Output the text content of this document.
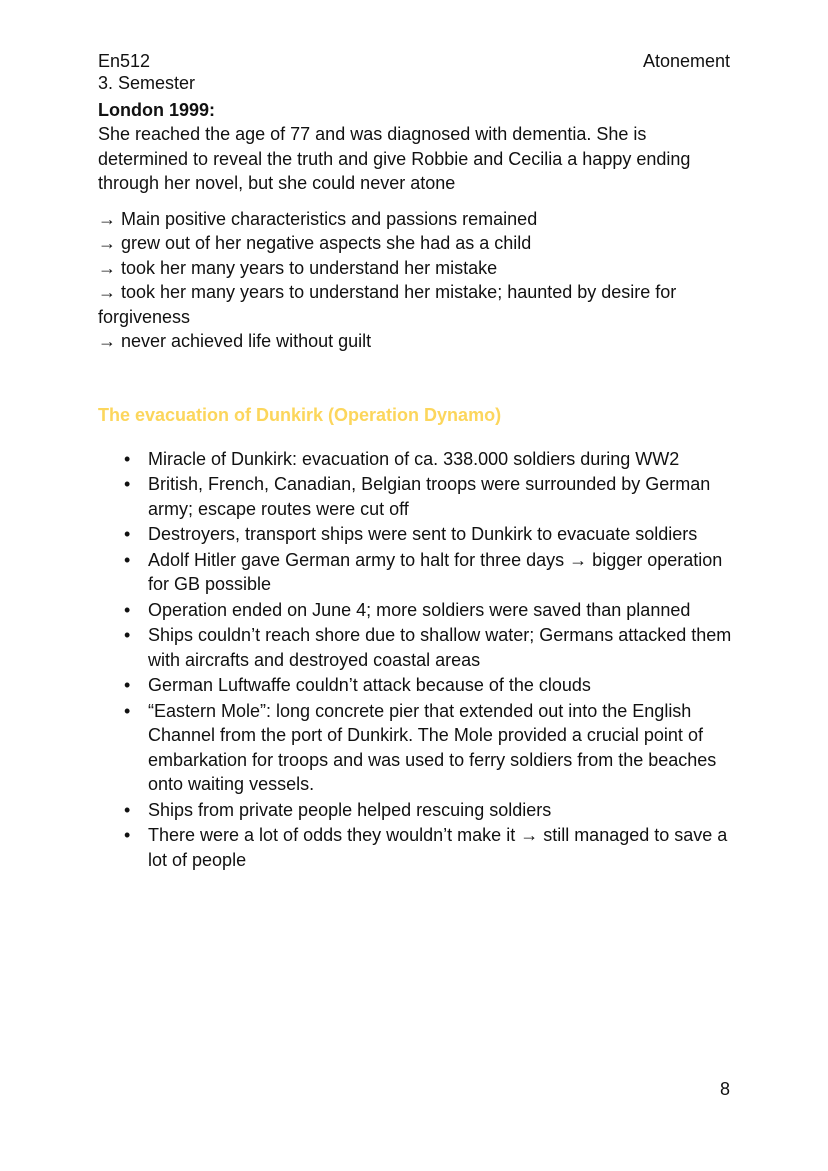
En512
3. Semester
Atonement
London 1999:

She reached the age of 77 and was diagnosed with dementia. She is determined to reveal the truth and give Robbie and Cecilia a happy ending through her novel, but she could never atone

→ Main positive characteristics and passions remained

→ grew out of her negative aspects she had as a child

→ took her many years to understand her mistake

→ took her many years to understand her mistake; haunted by desire for forgiveness

→ never achieved life without guilt

The evacuation of Dunkirk (Operation Dynamo)
• Miracle of Dunkirk: evacuation of ca. 338.000 soldiers during WW2
• British, French, Canadian, Belgian troops were surrounded by German army; escape routes were cut off
• Destroyers, transport ships were sent to Dunkirk to evacuate soldiers
• Adolf Hitler gave German army to halt for three days → bigger operation for GB possible
• Operation ended on June 4; more soldiers were saved than planned
• Ships couldn’t reach shore due to shallow water; Germans attacked them with aircrafts and destroyed coastal areas
• German Luftwaffe couldn’t attack because of the clouds
• “Eastern Mole”: long concrete pier that extended out into the English Channel from the port of Dunkirk. The Mole provided a crucial point of embarkation for troops and was used to ferry soldiers from the beaches onto waiting vessels.
• Ships from private people helped rescuing soldiers
• There were a lot of odds they wouldn’t make it → still managed to save a lot of people
8
